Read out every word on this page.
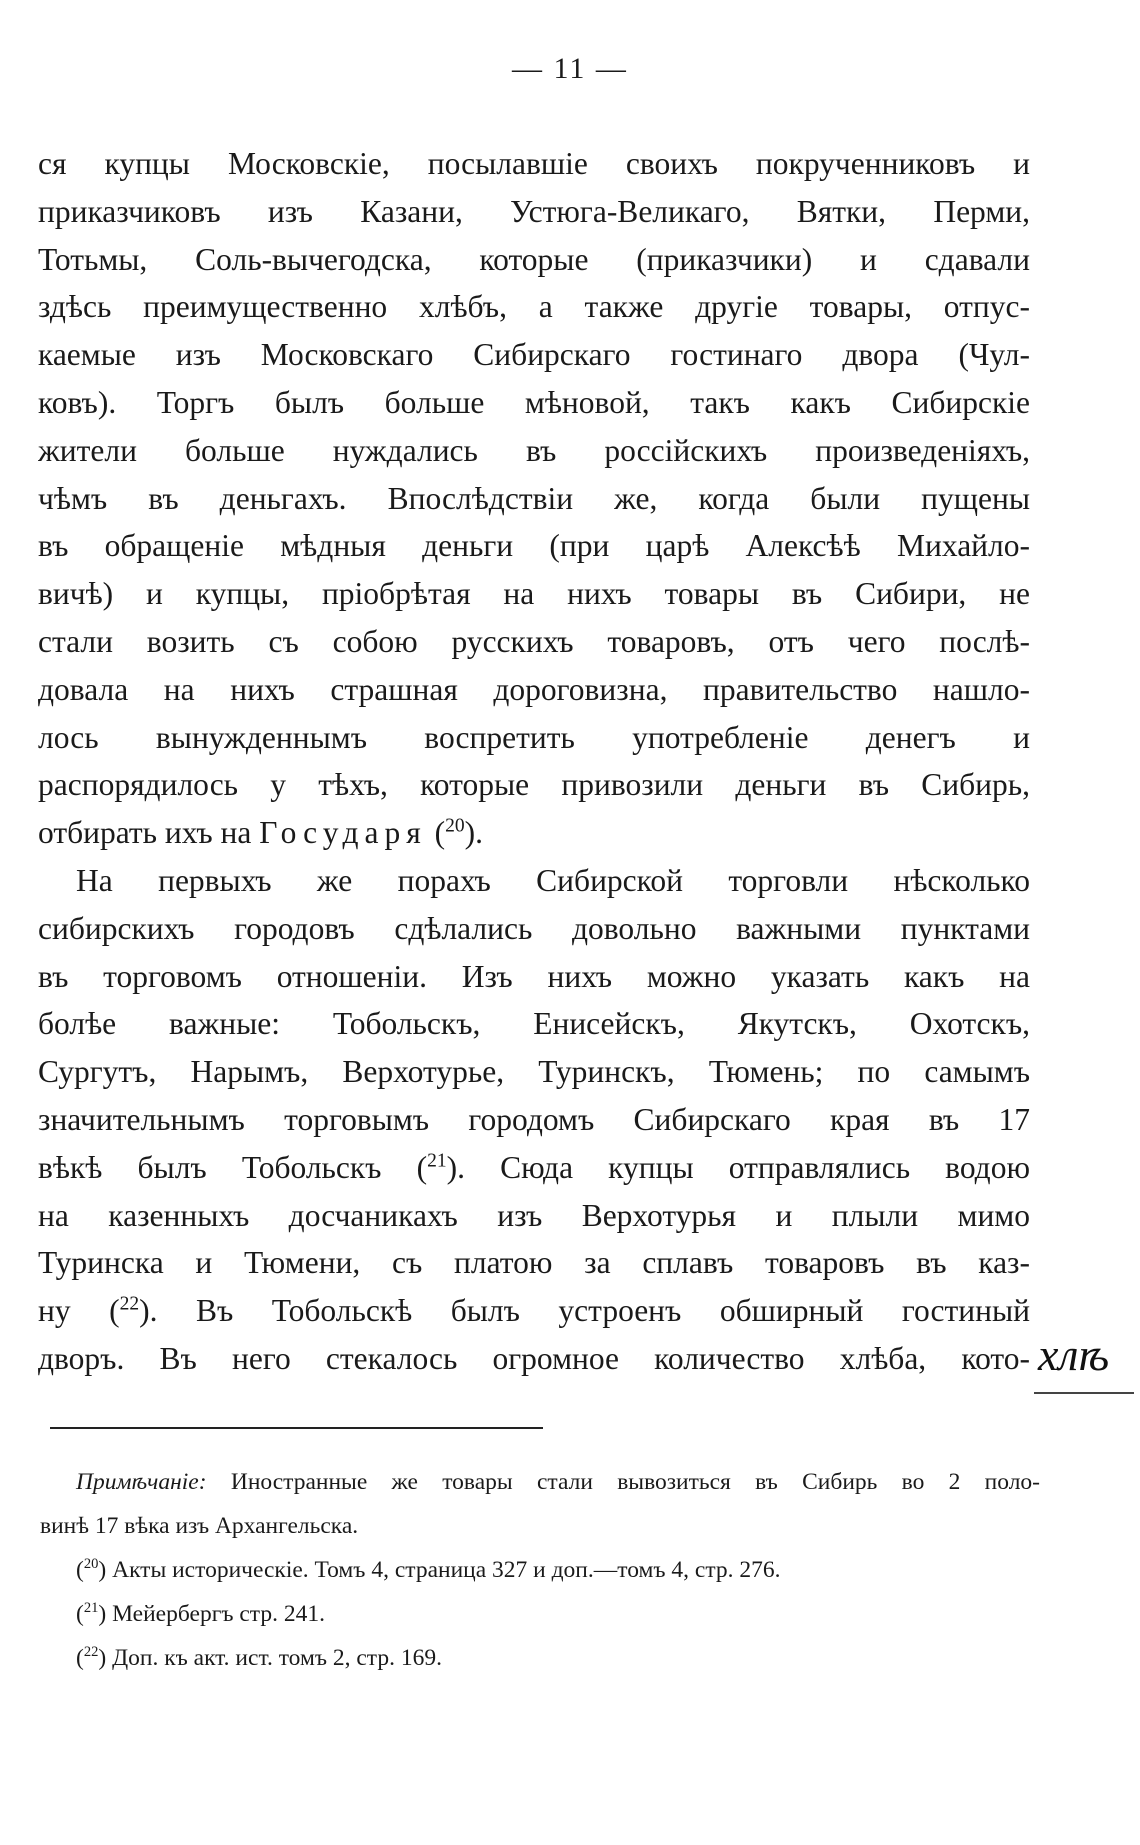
— 11 —
ся купцы Московскіе, посылавшіе своихъ покрученниковъ и
приказчиковъ изъ Казани, Устюга-Великаго, Вятки, Перми,
Тотьмы, Соль-вычегодска, которые (приказчики) и сдавали
здѣсь преимущественно хлѣбъ, а также другіе товары, отпус-
каемые изъ Московскаго Сибирскаго гостинаго двора (Чул-
ковъ). Торгъ былъ больше мѣновой, такъ какъ Сибирскіе
жители больше нуждались въ россійскихъ произведеніяхъ,
чѣмъ въ деньгахъ. Впослѣдствіи же, когда были пущены
въ обращеніе мѣдныя деньги (при царѣ Алексѣѣ Михайло-
вичѣ) и купцы, пріобрѣтая на нихъ товары въ Сибири, не
стали возить съ собою русскихъ товаровъ, отъ чего послѣ-
довала на нихъ страшная дороговизна, правительство нашло-
лось вынужденнымъ воспретить употребленіе денегъ и
распорядилось у тѣхъ, которые привозили деньги въ Сибирь,
отбирать ихъ на Государя ($^{20}$).
На первыхъ же порахъ Сибирской торговли нѣсколько
сибирскихъ городовъ сдѣлались довольно важными пунктами
въ торговомъ отношеніи. Изъ нихъ можно указать какъ на
болѣе важные: Тобольскъ, Енисейскъ, Якутскъ, Охотскъ,
Сургутъ, Нарымъ, Верхотурье, Туринскъ, Тюмень; по самымъ
значительнымъ торговымъ городомъ Сибирскаго края въ 17
вѣкѣ былъ Тобольскъ ($^{21}$). Сюда купцы отправлялись водою
на казенныхъ досчаникахъ изъ Верхотурья и плыли мимо
Туринска и Тюмени, съ платою за сплавъ товаровъ въ каз-
ну ($^{22}$). Въ Тобольскѣ былъ устроенъ обширный гостиный
дворъ. Въ него стекалось огромное количество хлѣба, кото- хлѣ
Примѣчаніе: Иностранные же товары стали вывозиться въ Сибирь во 2 поло-
винѣ 17 вѣка изъ Архангельска.
($^{20}$) Акты историческіе. Томъ 4, страница 327 и доп.—томъ 4, стр. 276.
($^{21}$) Мейербергъ стр. 241.
($^{22}$) Доп. къ акт. ист. томъ 2, стр. 169.
